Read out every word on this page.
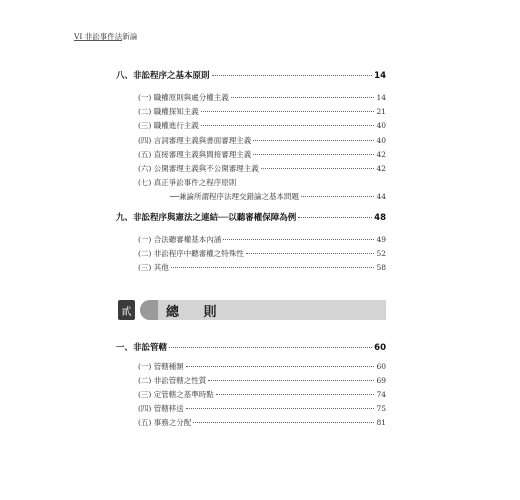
VI 非訟事件法新論
八、非訟程序之基本原則	14
(一) 職權原則與處分權主義	14
(二) 職權探知主義	21
(三) 職權進行主義	40
(四) 言詞審理主義與書面審理主義	40
(五) 直接審理主義與間接審理主義	42
(六) 公開審理主義與不公開審理主義	42
(七) 真正爭訟事件之程序原則
──兼論所謂程序法理交錯論之基本問題	44
九、非訟程序與憲法之連結──以聽審權保障為例	48
(一) 合法聽審權基本內涵	49
(二) 非訟程序中聽審權之特殊性	52
(三) 其他	58
貳	總 則
一、非訟管轄	60
(一) 管轄種類	60
(二) 非訟管轄之性質	69
(三) 定管轄之基準時點	74
(四) 管轄移送	75
(五) 事務之分配	81
